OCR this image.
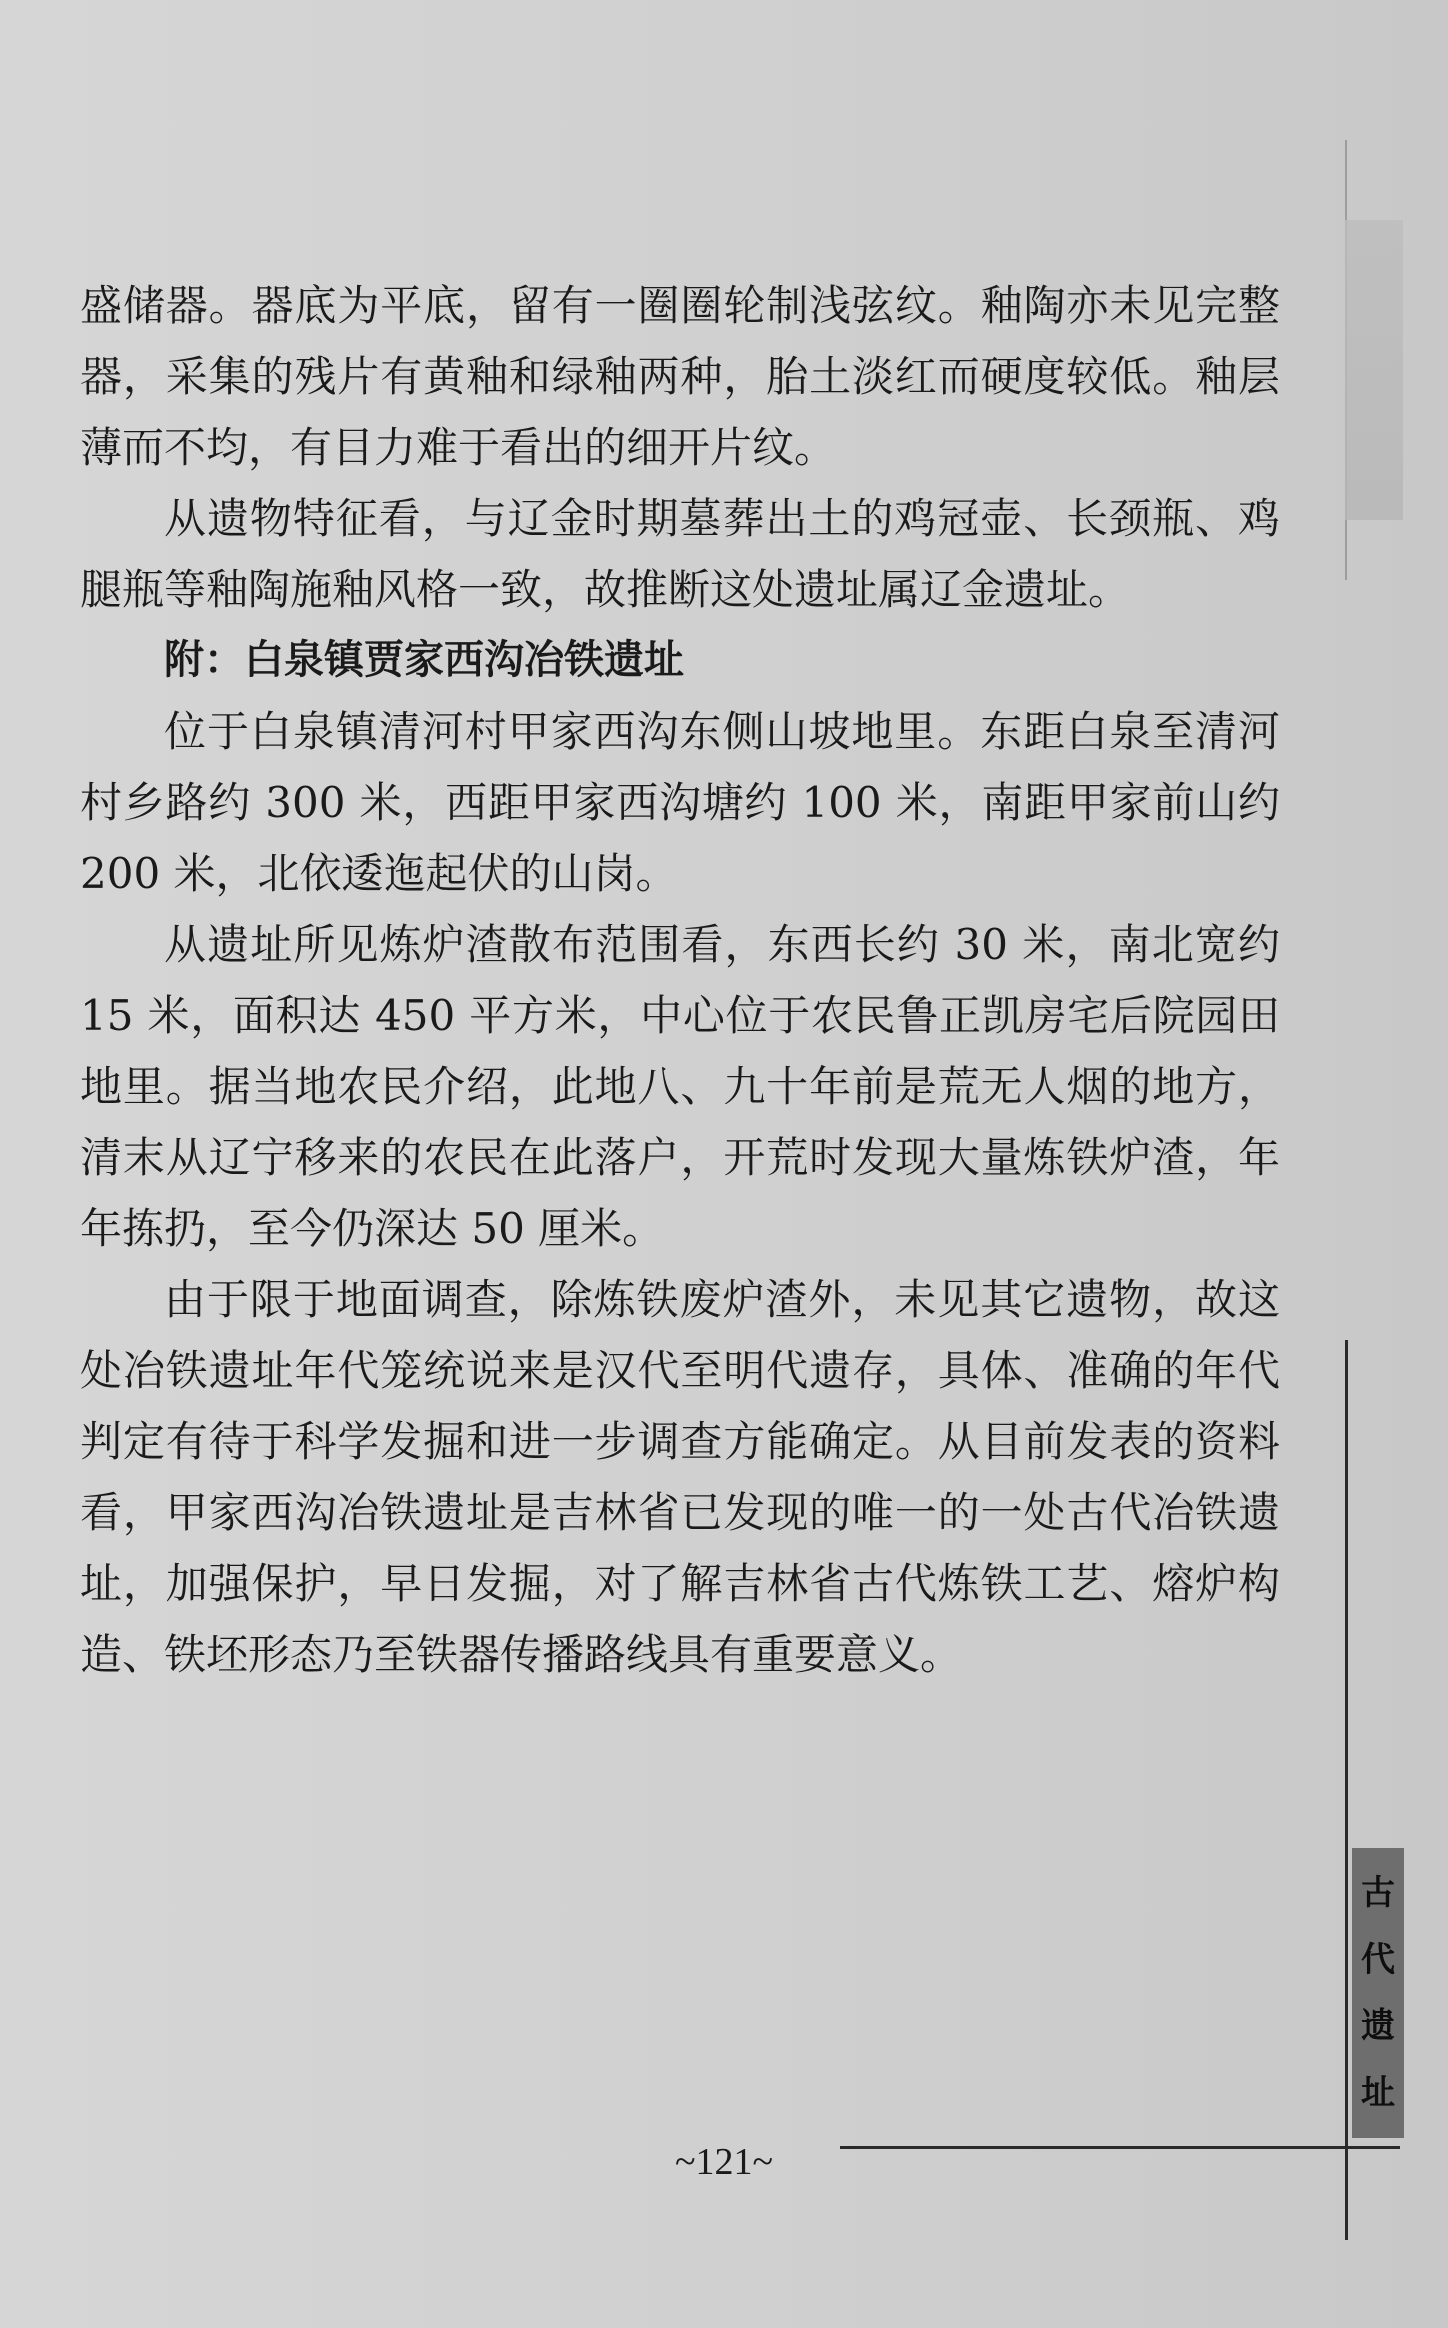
盛储器。器底为平底，留有一圈圈轮制浅弦纹。釉陶亦未见完整器，采集的残片有黄釉和绿釉两种，胎土淡红而硬度较低。釉层薄而不均，有目力难于看出的细开片纹。

从遗物特征看，与辽金时期墓葬出土的鸡冠壶、长颈瓶、鸡腿瓶等釉陶施釉风格一致，故推断这处遗址属辽金遗址。

附：白泉镇贾家西沟冶铁遗址

位于白泉镇清河村甲家西沟东侧山坡地里。东距白泉至清河村乡路约 300 米，西距甲家西沟塘约 100 米，南距甲家前山约 200 米，北依逶迤起伏的山岗。

从遗址所见炼炉渣散布范围看，东西长约 30 米，南北宽约 15 米，面积达 450 平方米，中心位于农民鲁正凯房宅后院园田地里。据当地农民介绍，此地八、九十年前是荒无人烟的地方，清末从辽宁移来的农民在此落户，开荒时发现大量炼铁炉渣，年年拣扔，至今仍深达 50 厘米。

由于限于地面调查，除炼铁废炉渣外，未见其它遗物，故这处冶铁遗址年代笼统说来是汉代至明代遗存，具体、准确的年代判定有待于科学发掘和进一步调查方能确定。从目前发表的资料看，甲家西沟冶铁遗址是吉林省已发现的唯一的一处古代冶铁遗址，加强保护，早日发掘，对了解吉林省古代炼铁工艺、熔炉构造、铁坯形态乃至铁器传播路线具有重要意义。

古
代
遗
址
~121~
